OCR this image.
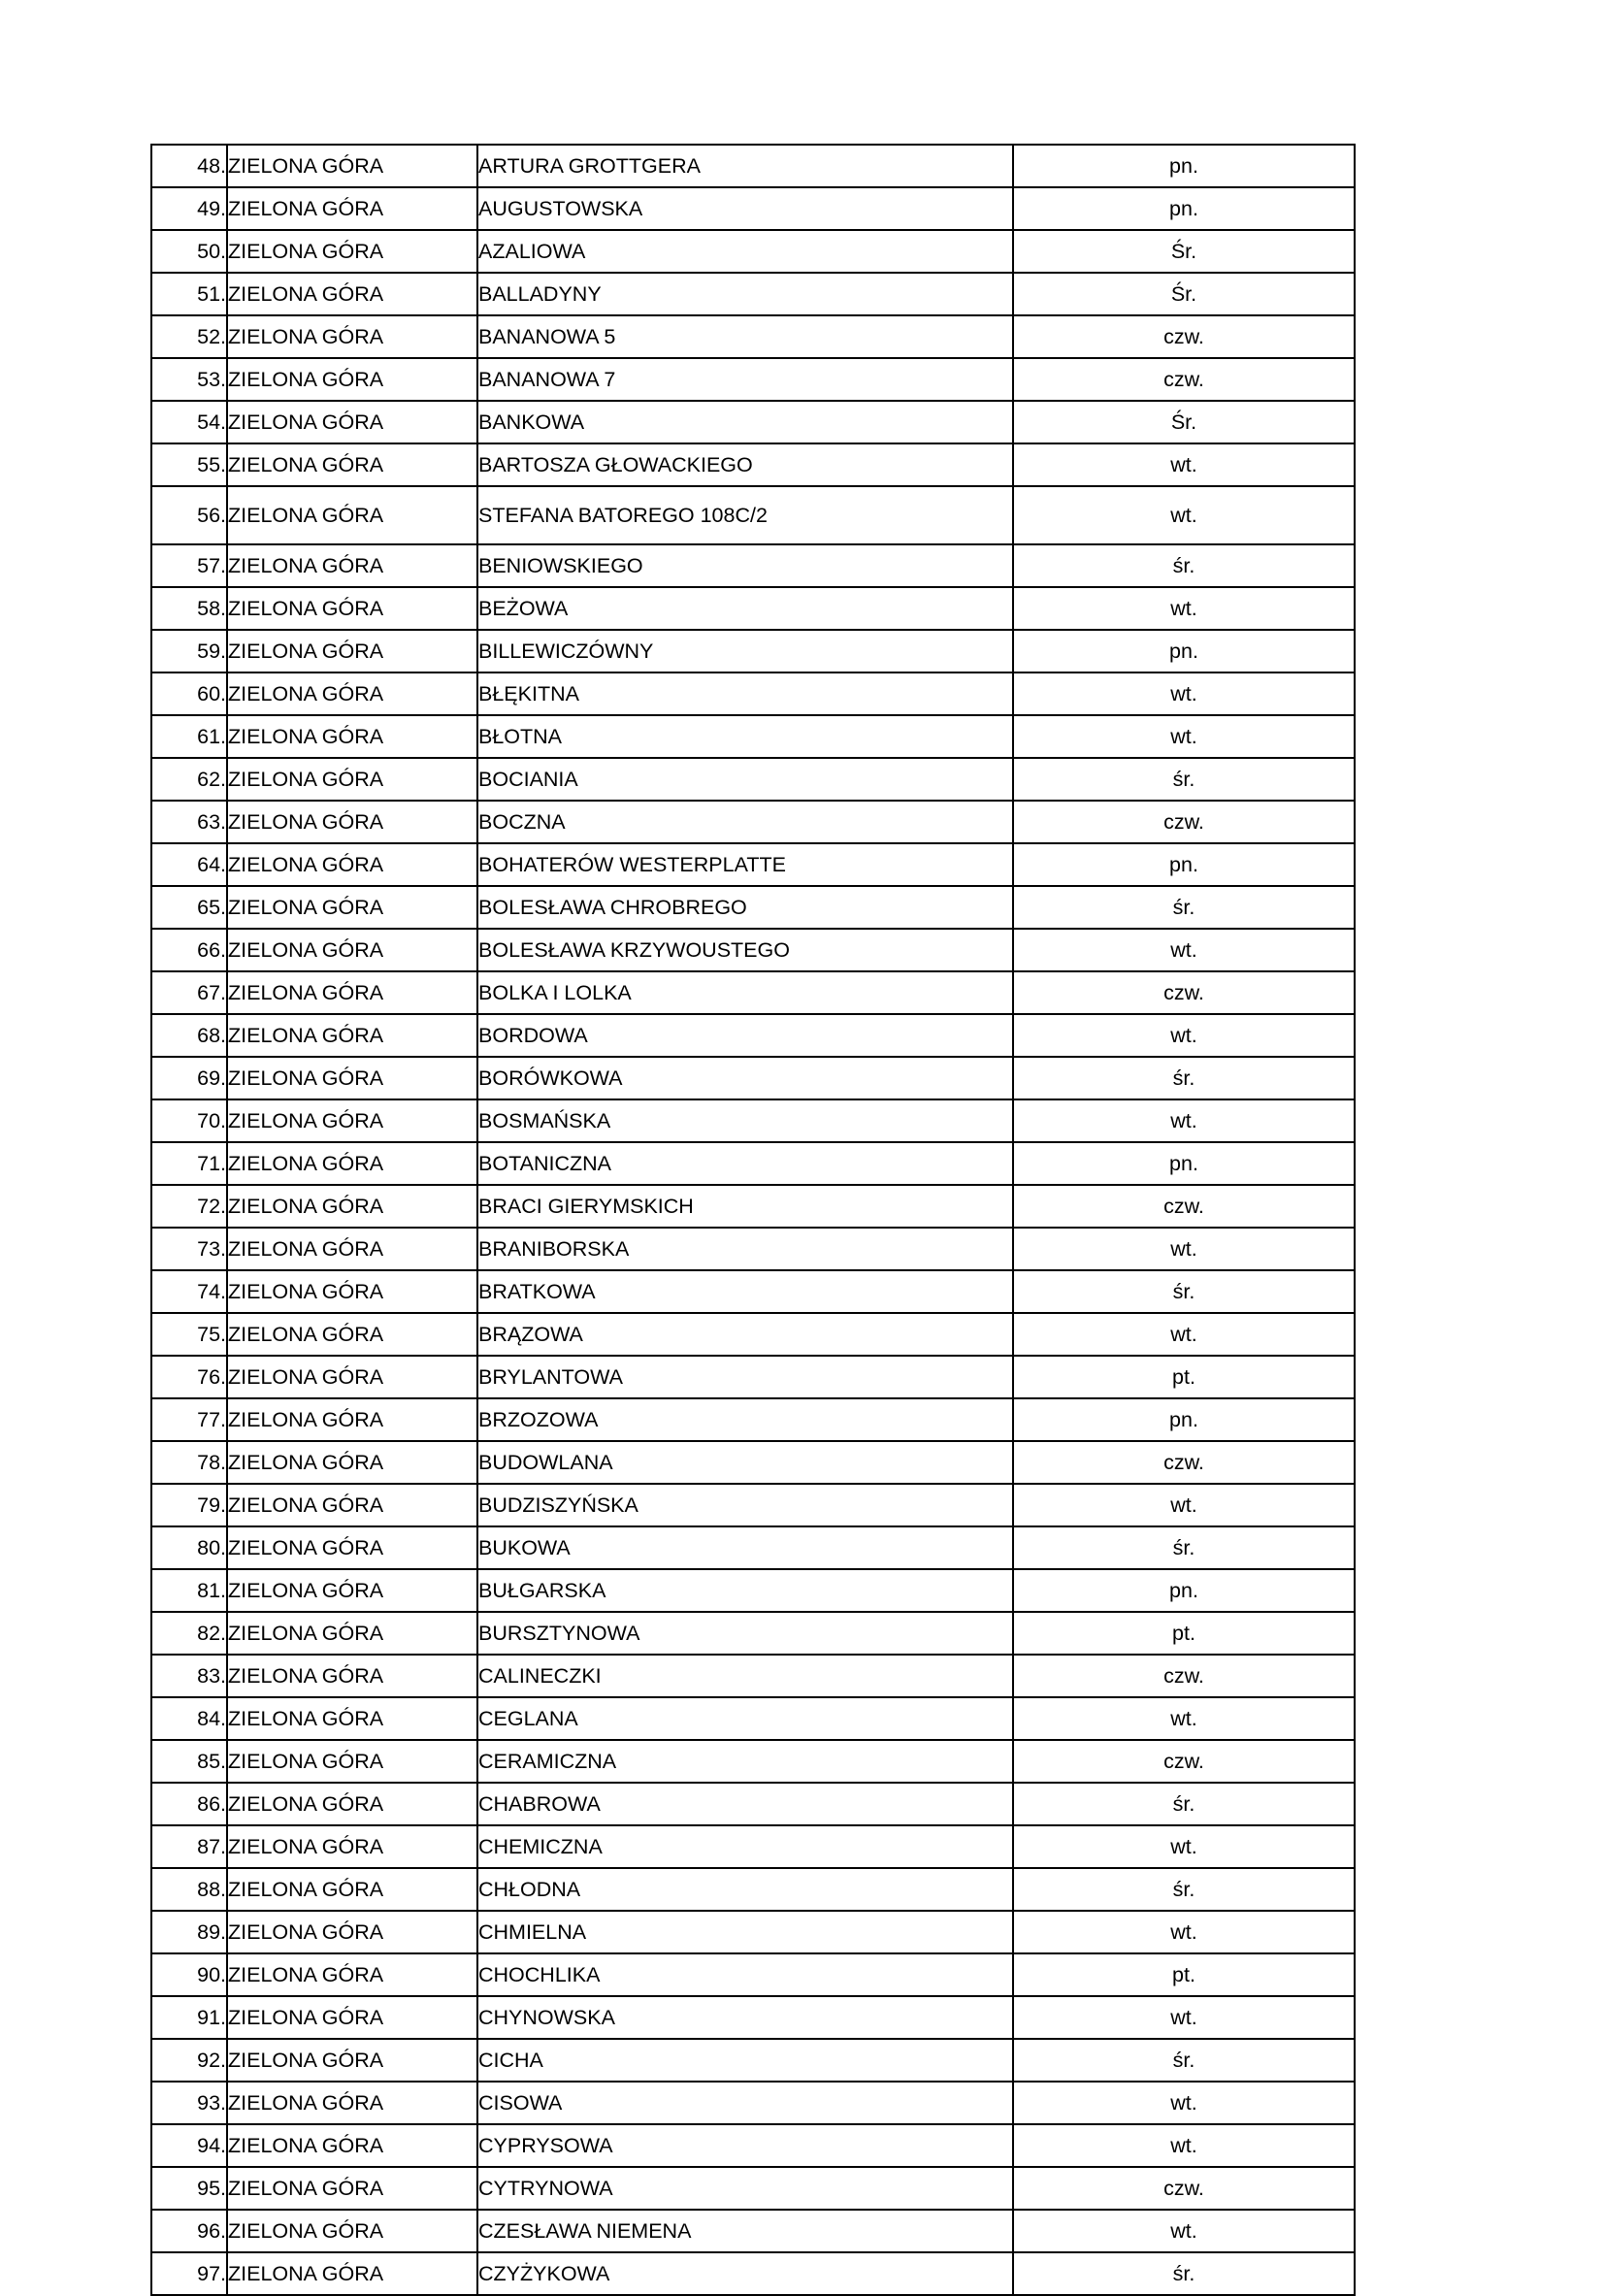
48.	ZIELONA GÓRA	ARTURA GROTTGERA	pn.
49.	ZIELONA GÓRA	AUGUSTOWSKA	pn.
50.	ZIELONA GÓRA	AZALIOWA	Śr.
51.	ZIELONA GÓRA	BALLADYNY	Śr.
52.	ZIELONA GÓRA	BANANOWA 5	czw.
53.	ZIELONA GÓRA	BANANOWA 7	czw.
54.	ZIELONA GÓRA	BANKOWA	Śr.
55.	ZIELONA GÓRA	BARTOSZA GŁOWACKIEGO	wt.
56.	ZIELONA GÓRA	STEFANA BATOREGO 108C/2	wt.
57.	ZIELONA GÓRA	BENIOWSKIEGO	śr.
58.	ZIELONA GÓRA	BEŻOWA	wt.
59.	ZIELONA GÓRA	BILLEWICZÓWNY	pn.
60.	ZIELONA GÓRA	BŁĘKITNA	wt.
61.	ZIELONA GÓRA	BŁOTNA	wt.
62.	ZIELONA GÓRA	BOCIANIA	śr.
63.	ZIELONA GÓRA	BOCZNA	czw.
64.	ZIELONA GÓRA	BOHATERÓW WESTERPLATTE	pn.
65.	ZIELONA GÓRA	BOLESŁAWA CHROBREGO	śr.
66.	ZIELONA GÓRA	BOLESŁAWA KRZYWOUSTEGO	wt.
67.	ZIELONA GÓRA	BOLKA I LOLKA	czw.
68.	ZIELONA GÓRA	BORDOWA	wt.
69.	ZIELONA GÓRA	BORÓWKOWA	śr.
70.	ZIELONA GÓRA	BOSMAŃSKA	wt.
71.	ZIELONA GÓRA	BOTANICZNA	pn.
72.	ZIELONA GÓRA	BRACI GIERYMSKICH	czw.
73.	ZIELONA GÓRA	BRANIBORSKA	wt.
74.	ZIELONA GÓRA	BRATKOWA	śr.
75.	ZIELONA GÓRA	BRĄZOWA	wt.
76.	ZIELONA GÓRA	BRYLANTOWA	pt.
77.	ZIELONA GÓRA	BRZOZOWA	pn.
78.	ZIELONA GÓRA	BUDOWLANA	czw.
79.	ZIELONA GÓRA	BUDZISZYŃSKA	wt.
80.	ZIELONA GÓRA	BUKOWA	śr.
81.	ZIELONA GÓRA	BUŁGARSKA	pn.
82.	ZIELONA GÓRA	BURSZTYNOWA	pt.
83.	ZIELONA GÓRA	CALINECZKI	czw.
84.	ZIELONA GÓRA	CEGLANA	wt.
85.	ZIELONA GÓRA	CERAMICZNA	czw.
86.	ZIELONA GÓRA	CHABROWA	śr.
87.	ZIELONA GÓRA	CHEMICZNA	wt.
88.	ZIELONA GÓRA	CHŁODNA	śr.
89.	ZIELONA GÓRA	CHMIELNA	wt.
90.	ZIELONA GÓRA	CHOCHLIKA	pt.
91.	ZIELONA GÓRA	CHYNOWSKA	wt.
92.	ZIELONA GÓRA	CICHA	śr.
93.	ZIELONA GÓRA	CISOWA	wt.
94.	ZIELONA GÓRA	CYPRYSOWA	wt.
95.	ZIELONA GÓRA	CYTRYNOWA	czw.
96.	ZIELONA GÓRA	CZESŁAWA NIEMENA	wt.
97.	ZIELONA GÓRA	CZYŻYKOWA	śr.
